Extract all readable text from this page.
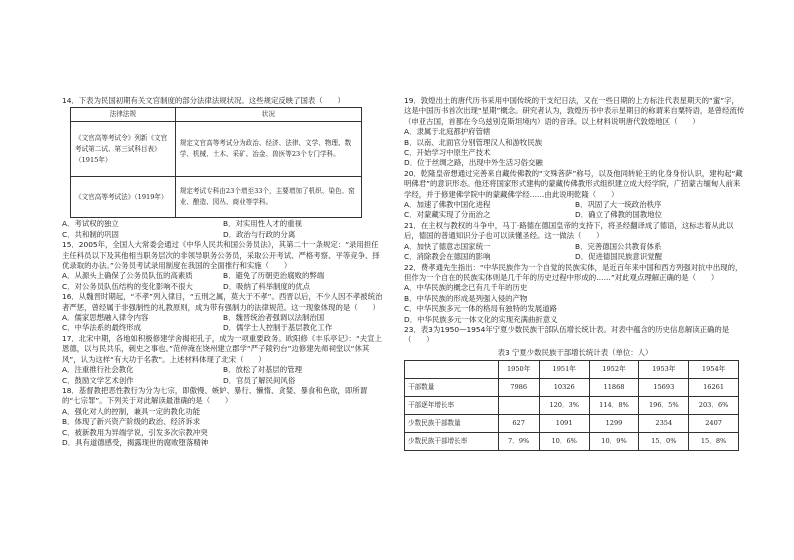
14．下表为民国初期有关文官制度的部分法律法规状况。这些规定反映了国表（　　）

法律法规	状况
《文官高等考试令》列新《文官考试第二试、第三试科目表》（1915年）	规定文官高等考试分为政治、经济、法律、文学、物理、数学、机械、土木、采矿、冶金、兽医等23个专门学科。
《文官高等考试法》（1919年）	规定考试专科由23个增至33个，主要增加了机织、染色、窑业、酿造、园丛、商业等学科。
A．考试权的独立	B．对实用性人才的重视
C．共和制的巩固	D．政治与行政的分离

15．2005年，全国人大常委会通过《中华人民共和国公务员法》，其第二十一条规定：“录用担任主任科员以下及其他相当职务层次的非领导职务公务员，采取公开考试、严格考察、平等竞争、择优录取的办法。”公务员考试录用制度在我国的全面推行和实施（　　）

A．从源头上确保了公务员队伍的高素质	B．避免了历朝吏治腐败的弊端
C．对公务员队伍结构的变化影响不很大	D．吸纳了科举制度的优点

16．从魏晋时期起，“不孝”列入律目，“五刑之属，莫大于不孝”。西晋以后，不少人因不孝被统治者严惩，曾经属于非强制性的礼教原则，成为带有强制力的法律规范。这一现象体现的是（　　）

A．儒家思想融入律令内容	B．魏晋统治者强调以法制治国
C．中华法系的最终形成	D．儒学士人控制于基层教化工作

17．北宋中期，各地如积极修建学舍揭祀孔子，成为一项重要政务。欧阳修《丰乐亭记》：“夫宣上恩德，以与民共乐，刺史之事也。”范仲淹在饶州建立郡学“严子陵钓台”边修建先师祠堂以“休其风”，认为这样“有大功于名教”。上述材料体现了北宋（　　）

A．注重推行社会教化	B．放松了对基层的管理
C．鼓励文学艺术创作	D．官员了解民间风俗

18．基督教把恶性教行为分为七宗，即傲慢、嫉妒、暴行、懒惰、贪婪、暴食和色欲，即所谓的“七宗罪”。下列关于对此解读最准确的是（　　）

A．强化对人的控制，兼具一定的教化功能

B．体现了新兴资产阶级的政治、经济诉求

C．被新教用为异端学说，引发多次宗教冲突

D．具有道德感受，揭露现世的腐败堕落精神

19．敦煌出土的唐代历书采用中国传统的干支纪日法，又在一些日期的上方标注代表星期天的“蜜”字，这是中国历书首次出现“星期”概念。研究者认为，敦煌历书中表示星期日的称谓来自粟特语，是曾经流传（申亚古国，首都在今乌兹别克斯坦境内）语的音译。以上材料说明唐代敦煌地区（　　）

A．隶属于北庭都护府管辖

B．以南、北面官分别管理汉人和游牧民族

C．开始学习中原生产技术

D．位于丝绸之路，出现中外生活习俗交融

20．乾隆皇帝想通过完善来自藏传佛教的“文殊菩萨”称号，以及他同转轮王的化身身份认识，建构起“藏明佛君”的意识形态。他还将国家形式建构的蒙藏传佛教形式组织建立成大经学院，广招蒙古缅甸人前来学经，并于修建佛学院中的蒙藏佛学经……由此说明乾隆（　　）

A．加速了佛教中国化进程	B．巩固了大一统政治秩序
C．对蒙藏实现了分而治之	D．确立了佛教的国教地位

21．在主权与教权的斗争中，马丁·路德在德国皇帝的支持下，将圣经翻译成了德语，这标志着从此以后，德国的普通知识分子也可以读懂圣经。这一做法（　　）

A．加快了德意志国家统一	B．完善德国公共教育体系
C．消除教会在德国的影响	D．促进德国民族意识觉醒

22．费孝通先生指出：“中华民族作为一个自觉的民族实体，是近百年来中国和西方列强对抗中出现的，但作为一个自在的民族实体则是几千年的历史过程中形成的……”对此观点理解正确的是（　　）

A．中华民族的概念已有几千年的历史

B．中华民族的形成是列强入侵的产物

C．中华民族多元一体的格局有独特的发展道路

D．中华民族多元一体文化的实现充满曲折意义

23．表3为1950—1954年宁夏少数民族干部队伍增长统计表。对表中蕴含的历史信息解读正确的是（　　）

表3 宁夏少数民族干部增长统计表（单位：人）

	1950年	1951年	1952年	1953年	1954年
干部数量	7986	10326	11868	15693	16261
干部逐年增长率		120．3%	114．8%	196．5%	203．6%
少数民族干部数量	627	1091	1299	2354	2407
少数民族干部增长率	7．9%	10．6%	10．9%	15．0%	15．8%
